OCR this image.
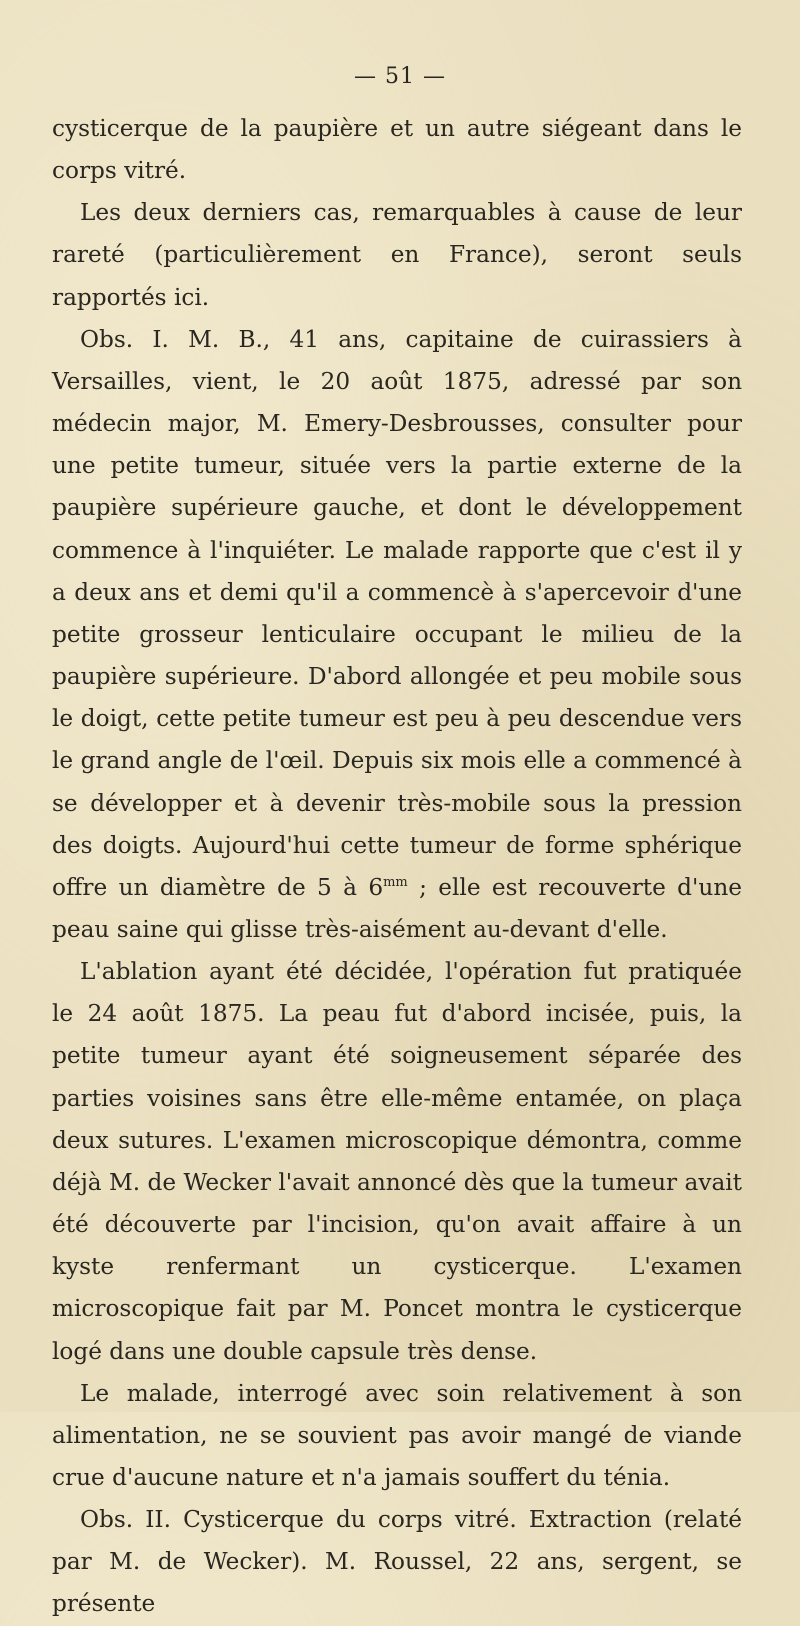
— 51 —

cysticerque de la paupière et un autre siégeant dans le corps vitré.

Les deux derniers cas, remarquables à cause de leur rareté (particulièrement en France), seront seuls rapportés ici.

Obs. I. M. B., 41 ans, capitaine de cuirassiers à Versailles, vient, le 20 août 1875, adressé par son médecin major, M. Emery-Desbrousses, consulter pour une petite tumeur, située vers la partie externe de la paupière supérieure gauche, et dont le développement commence à l'inquiéter. Le malade rapporte que c'est il y a deux ans et demi qu'il a commencè à s'apercevoir d'une petite grosseur lenticulaire occupant le milieu de la paupière supérieure. D'abord allongée et peu mobile sous le doigt, cette petite tumeur est peu à peu descendue vers le grand angle de l'œil. Depuis six mois elle a commencé à se développer et à devenir très-mobile sous la pression des doigts. Aujourd'hui cette tumeur de forme sphérique offre un diamètre de 5 à $6^{mm}$ ; elle est recouverte d'une peau saine qui glisse très-aisément au-devant d'elle.

L'ablation ayant été décidée, l'opération fut pratiquée le 24 août 1875. La peau fut d'abord incisée, puis, la petite tumeur ayant été soigneusement séparée des parties voisines sans être elle-même entamée, on plaça deux sutures. L'examen microscopique démontra, comme déjà M. de Wecker l'avait annoncé dès que la tumeur avait été découverte par l'incision, qu'on avait affaire à un kyste renfermant un cysticerque. L'examen microscopique fait par M. Poncet montra le cysticerque logé dans une double capsule très dense.

Le malade, interrogé avec soin relativement à son alimentation, ne se souvient pas avoir mangé de viande crue d'aucune nature et n'a jamais souffert du ténia.

Obs. II. Cysticerque du corps vitré. Extraction (relaté par M. de Wecker). M. Roussel, 22 ans, sergent, se présente
